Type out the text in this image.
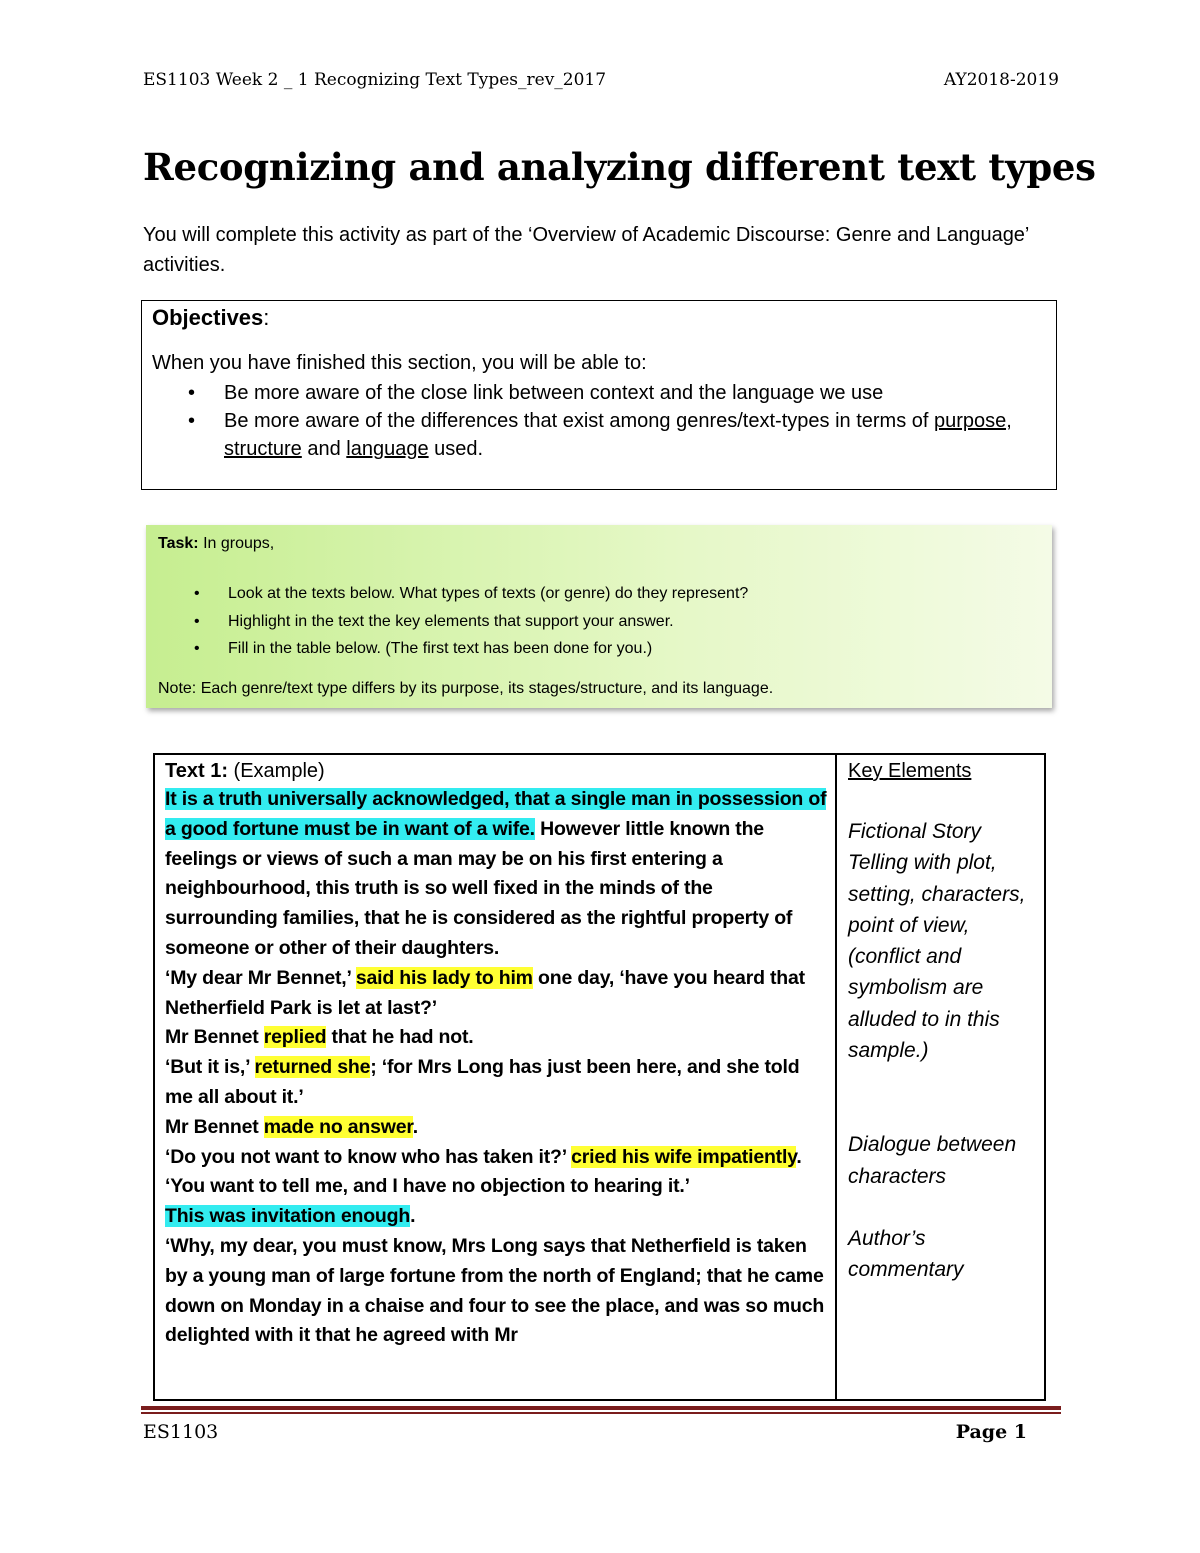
ES1103 Week 2 _ 1 Recognizing Text Types_rev_2017	AY2018-2019
Recognizing and analyzing different text types
You will complete this activity as part of the ‘Overview of Academic Discourse: Genre and Language’ activities.
Objectives:
When you have finished this section, you will be able to:
• Be more aware of the close link between context and the language we use
• Be more aware of the differences that exist among genres/text-types in terms of purpose, structure and language used.
Task: In groups,
• Look at the texts below. What types of texts (or genre) do they represent?
• Highlight in the text the key elements that support your answer.
• Fill in the table below. (The first text has been done for you.)
Note: Each genre/text type differs by its purpose, its stages/structure, and its language.
Text 1: (Example)
It is a truth universally acknowledged, that a single man in possession of a good fortune must be in want of a wife. However little known the feelings or views of such a man may be on his first entering a neighbourhood, this truth is so well fixed in the minds of the surrounding families, that he is considered as the rightful property of someone or other of their daughters.
‘My dear Mr Bennet,’ said his lady to him one day, ‘have you heard that Netherfield Park is let at last?’
Mr Bennet replied that he had not.
‘But it is,’ returned she; ‘for Mrs Long has just been here, and she told me all about it.’
Mr Bennet made no answer.
‘Do you not want to know who has taken it?’ cried his wife impatiently.
‘You want to tell me, and I have no objection to hearing it.’
This was invitation enough.
‘Why, my dear, you must know, Mrs Long says that Netherfield is taken by a young man of large fortune from the north of England; that he came down on Monday in a chaise and four to see the place, and was so much delighted with it that he agreed with Mr
Key Elements
Fictional Story Telling with plot, setting, characters, point of view, (conflict and symbolism are alluded to in this sample.)
Dialogue between characters
Author’s commentary
ES1103	Page 1
